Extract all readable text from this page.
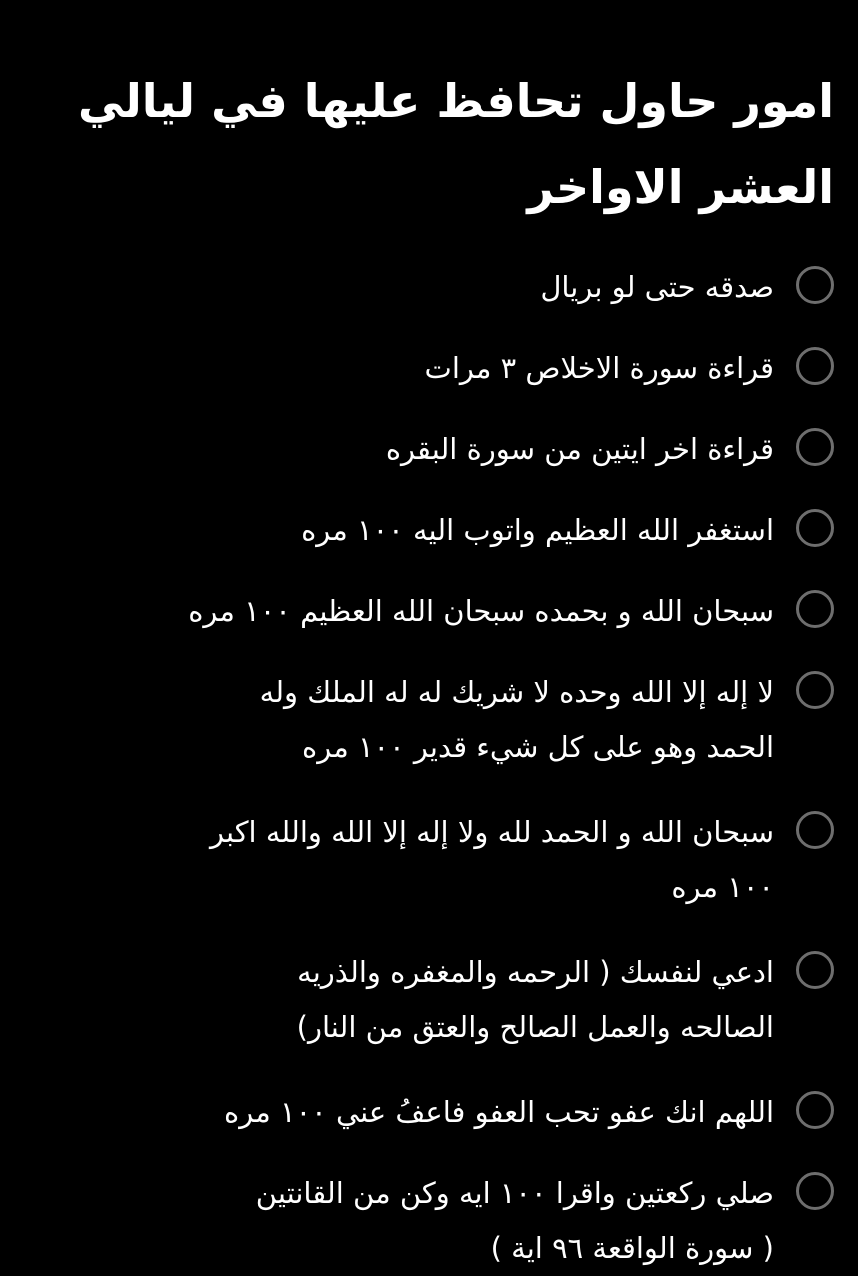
امور حاول تحافظ عليها في ليالي
العشر الاواخر
صدقه حتى لو بريال
قراءة سورة الاخلاص ٣ مرات
قراءة اخر ايتين من سورة البقره
استغفر الله العظيم واتوب اليه ١٠٠ مره
سبحان الله و بحمده سبحان الله العظيم ١٠٠ مره
لا إله إلا الله وحده لا شريك له له الملك وله
الحمد وهو على كل شيء قدير ١٠٠ مره
سبحان الله و الحمد لله ولا إله إلا الله والله اكبر
١٠٠ مره
ادعي لنفسك ( الرحمه والمغفره والذريه
الصالحه والعمل الصالح والعتق من النار)
اللهم انك عفو تحب العفو فاعفُ عني ١٠٠ مره
صلي ركعتين واقرا ١٠٠ ايه وكن من القانتين
( سورة الواقعة ٩٦ اية )
